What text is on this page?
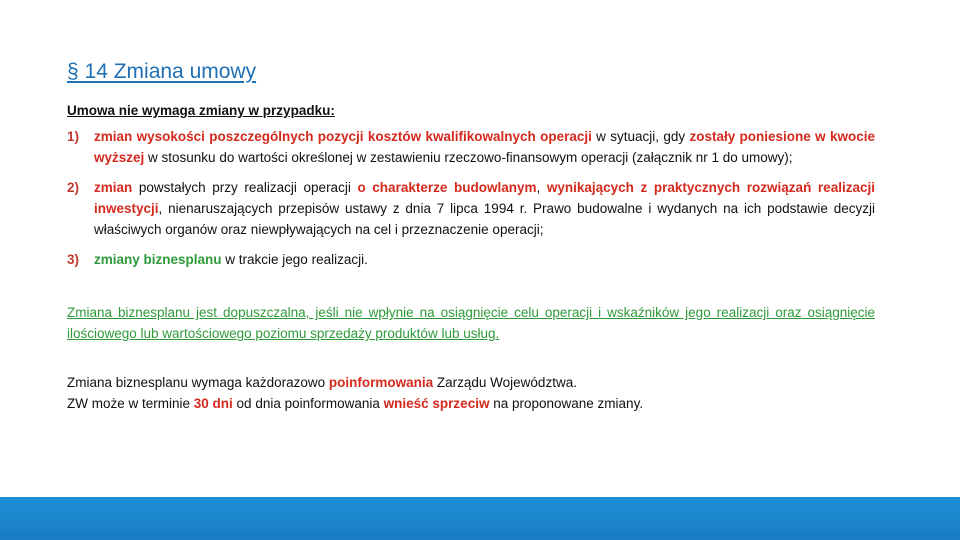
§ 14 Zmiana umowy

Umowa nie wymaga zmiany w przypadku:

1) zmian wysokości poszczególnych pozycji kosztów kwalifikowalnych operacji w sytuacji, gdy zostały poniesione w kwocie wyższej w stosunku do wartości określonej w zestawieniu rzeczowo-finansowym operacji (załącznik nr 1 do umowy);
2) zmian powstałych przy realizacji operacji o charakterze budowlanym, wynikających z praktycznych rozwiązań realizacji inwestycji, nienaruszających przepisów ustawy z dnia 7 lipca 1994 r. Prawo budowalne i wydanych na ich podstawie decyzji właściwych organów oraz niewpływających na cel i przeznaczenie operacji;
3) zmiany biznesplanu w trakcie jego realizacji.
Zmiana biznesplanu jest dopuszczalna, jeśli nie wpłynie na osiągnięcie celu operacji i wskaźników jego realizacji oraz osiągnięcie ilościowego lub wartościowego poziomu sprzedaży produktów lub usług.
Zmiana biznesplanu wymaga każdorazowo poinformowania Zarządu Województwa.
ZW może w terminie 30 dni od dnia poinformowania wnieść sprzeciw na proponowane zmiany.
